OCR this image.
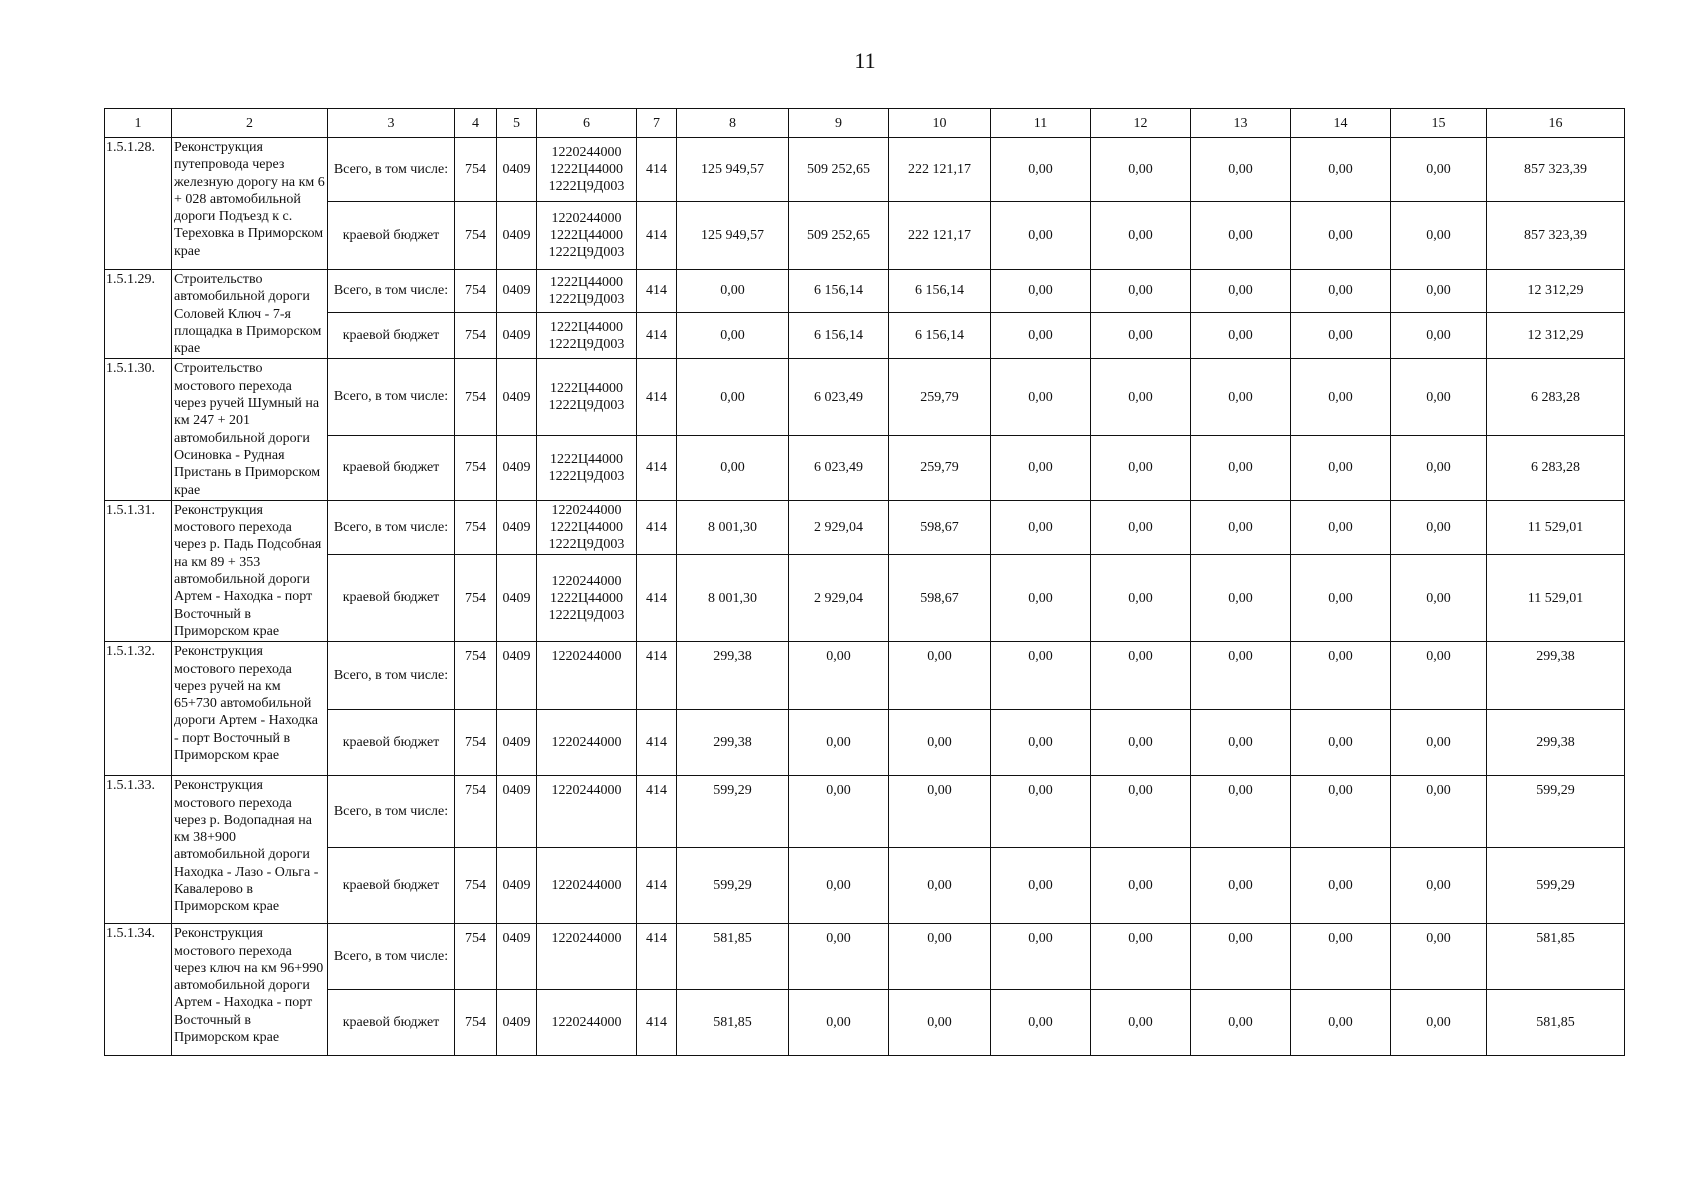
11
1	2	3	4	5	6	7	8	9	10	11	12	13	14	15	16
1.5.1.28.	Реконструкция путепровода через железную дорогу на км 6 + 028 автомобильной дороги Подъезд к с. Тереховка в Приморском крае	Всего, в том числе:	754	0409	1220244000
1222Ц44000
1222Ц9Д003	414	125 949,57	509 252,65	222 121,17	0,00	0,00	0,00	0,00	0,00	857 323,39
		краевой бюджет	754	0409	1220244000
1222Ц44000
1222Ц9Д003	414	125 949,57	509 252,65	222 121,17	0,00	0,00	0,00	0,00	0,00	857 323,39
1.5.1.29.	Строительство автомобильной дороги Соловей Ключ - 7-я площадка в Приморском крае	Всего, в том числе:	754	0409	1222Ц44000
1222Ц9Д003	414	0,00	6 156,14	6 156,14	0,00	0,00	0,00	0,00	0,00	12 312,29
		краевой бюджет	754	0409	1222Ц44000
1222Ц9Д003	414	0,00	6 156,14	6 156,14	0,00	0,00	0,00	0,00	0,00	12 312,29
1.5.1.30.	Строительство мостового перехода через ручей Шумный на км 247 + 201 автомобильной дороги Осиновка - Рудная Пристань в Приморском крае	Всего, в том числе:	754	0409	1222Ц44000
1222Ц9Д003	414	0,00	6 023,49	259,79	0,00	0,00	0,00	0,00	0,00	6 283,28
		краевой бюджет	754	0409	1222Ц44000
1222Ц9Д003	414	0,00	6 023,49	259,79	0,00	0,00	0,00	0,00	0,00	6 283,28
1.5.1.31.	Реконструкция мостового перехода через р. Падь Подсобная на км 89 + 353 автомобильной дороги Артем - Находка - порт Восточный в Приморском крае	Всего, в том числе:	754	0409	1220244000
1222Ц44000
1222Ц9Д003	414	8 001,30	2 929,04	598,67	0,00	0,00	0,00	0,00	0,00	11 529,01
		краевой бюджет	754	0409	1220244000
1222Ц44000
1222Ц9Д003	414	8 001,30	2 929,04	598,67	0,00	0,00	0,00	0,00	0,00	11 529,01
1.5.1.32.	Реконструкция мостового перехода через ручей на км 65+730 автомобильной дороги Артем - Находка - порт Восточный в Приморском крае	Всего, в том числе:	754	0409	1220244000	414	299,38	0,00	0,00	0,00	0,00	0,00	0,00	0,00	299,38
		краевой бюджет	754	0409	1220244000	414	299,38	0,00	0,00	0,00	0,00	0,00	0,00	0,00	299,38
1.5.1.33.	Реконструкция мостового перехода через р. Водопадная на км 38+900 автомобильной дороги Находка - Лазо - Ольга - Кавалерово в Приморском крае	Всего, в том числе:	754	0409	1220244000	414	599,29	0,00	0,00	0,00	0,00	0,00	0,00	0,00	599,29
		краевой бюджет	754	0409	1220244000	414	599,29	0,00	0,00	0,00	0,00	0,00	0,00	0,00	599,29
1.5.1.34.	Реконструкция мостового перехода через ключ на км 96+990 автомобильной дороги Артем - Находка - порт Восточный в Приморском крае	Всего, в том числе:	754	0409	1220244000	414	581,85	0,00	0,00	0,00	0,00	0,00	0,00	0,00	581,85
		краевой бюджет	754	0409	1220244000	414	581,85	0,00	0,00	0,00	0,00	0,00	0,00	0,00	581,85
